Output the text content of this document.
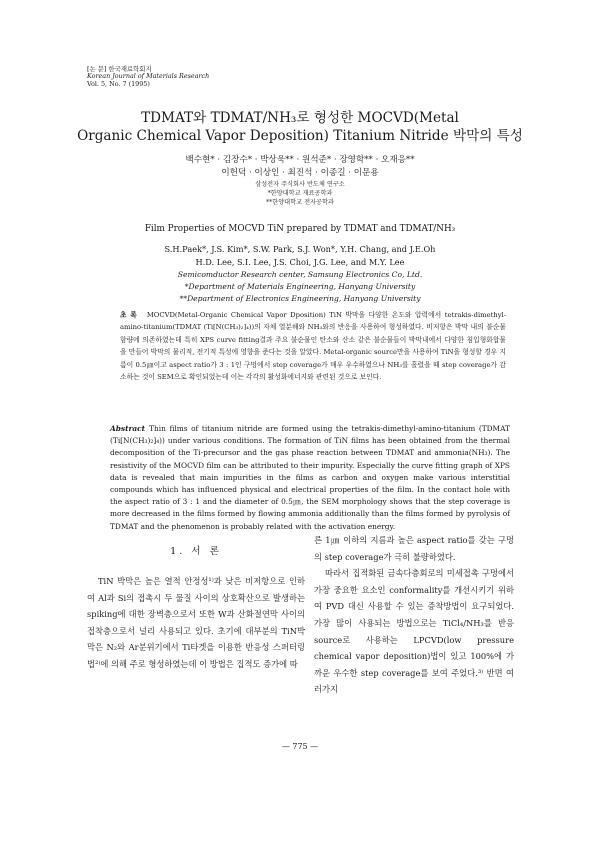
[논 문] 한국재료학회지
Korean Journal of Materials Research
Vol. 5, No. 7 (1995)
TDMAT와 TDMAT/NH₃로 형성한 MOCVD(Metal
Organic Chemical Vapor Deposition) Titanium Nitride 박막의 특성
백수현* · 김장수* · 박상욱** · 원석준* · 장영학** · 오재응**
이헌덕 · 이상인 · 최진석 · 이종길 · 이문용
삼성전자 주식회사 반도체 연구소
*한양대학교 재료공학과
**한양대학교 전자공학과
Film Properties of MOCVD TiN prepared by TDMAT and TDMAT/NH₃
S.H.Paek*, J.S. Kim*, S.W. Park, S.J. Won*, Y.H. Chang, and J.E.Oh
H.D. Lee, S.I. Lee, J.S. Choi, J.G. Lee, and M.Y. Lee
Semicomductor Research center, Samsung Electronics Co, Ltd.
*Department of Materials Engineering, Hanyang University
**Department of Electronics Engineering, Hanyang University
초 록 MOCVD(Metal-Organic Chemical Vapor Dposition) TiN 박막을 다양한 온도와 압력에서 tetrakis-dimethyl-amino-titanium(TDMAT (Ti[N(CH₃)₂]₄))의 자체 열분해와 NH₃와의 반응을 사용하여 형성하였다. 비저항은 박막 내의 불순물 함량에 의존하였는데 특히 XPS curve fitting결과 주요 불순물인 탄소와 산소 같은 불순물들이 박막내에서 다양한 침입형화합물을 만들어 박막의 물리적, 전기적 특성에 영향을 준다는 것을 알았다. Metal-organic source만을 사용하여 TiN을 형성할 경우 지름이 0.5㎛이고 aspect ratio가 3 : 1인 구멍에서 step coverage가 매우 우수하였으나 NH₃를 흘렸을 때 step coverage가 감소하는 것이 SEM으로 확인되었는데 이는 각각의 활성화에너지와 관련된 것으로 보인다.
Abstract Thin films of titanium nitride are formed using the tetrakis-dimethyl-amino-titanium (TDMAT (Ti[N(CH₃)₂]₄)) under various conditions. The formation of TiN films has been obtained from the thermal decomposition of the Ti-precursor and the gas phase reaction between TDMAT and ammonia(NH₃). The resistivity of the MOCVD film can be attributed to their impurity. Especially the curve fitting graph of XPS data is revealed that main impurities in the films as carbon and oxygen make various interstitial compounds which has influenced physical and electrical properties of the film. In the contact hole with the aspect ratio of 3 : 1 and the diameter of 0.5㎛, the SEM morphology shows that the step coverage is more decreased in the films formed by flowing ammonia additionally than the films formed by pyrolysis of TDMAT and the phenomenon is probably related with the activation energy.
1. 서 론

TiN 박막은 높은 열적 안정성¹⁾과 낮은 비저항으로 인하여 Al과 Si의 접촉시 두 물질 사이의 상호확산으로 발생하는 spiking에 대한 장벽층으로서 또한 W과 산화절연막 사이의 접착층으로서 널리 사용되고 있다. 초기에 대부분의 TiN박막은 N₂와 Ar분위기에서 Ti타겟을 이용한 반응성 스퍼터링법²⁾에 의해 주로 형성하였는데 이 방법은 집적도 증가에 따

른 1㎛ 이하의 지름과 높은 aspect ratio를 갖는 구멍의 step coverage가 극히 불량하였다.

따라서 집적화된 금속다층회로의 미세접촉 구멍에서 가장 중요한 요소인 conformality를 개선시키기 위하여 PVD 대신 사용할 수 있는 증착방법이 요구되었다. 가장 많이 사용되는 방법으로는 TiCl₄/NH₃를 반응 source로 사용하는 LPCVD(low pressure chemical vapor deposition)법이 있고 100%에 가까운 우수한 step coverage를 보여 주었다.³⁾ 반면 여러가지

— 775 —
